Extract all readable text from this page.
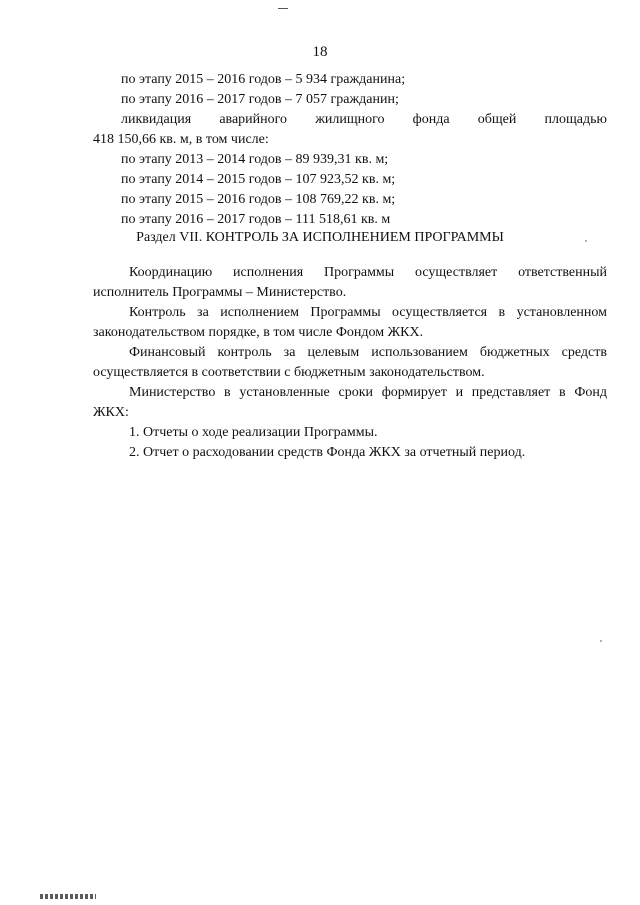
18
по этапу 2015 – 2016 годов – 5 934 гражданина;
по этапу 2016 – 2017 годов – 7 057 гражданин;
ликвидация аварийного жилищного фонда общей площадью
418 150,66 кв. м, в том числе:
по этапу 2013 – 2014 годов – 89 939,31 кв. м;
по этапу 2014 – 2015 годов – 107 923,52 кв. м;
по этапу 2015 – 2016 годов – 108 769,22 кв. м;
по этапу 2016 – 2017 годов – 111 518,61 кв. м
Раздел VII. КОНТРОЛЬ ЗА ИСПОЛНЕНИЕМ ПРОГРАММЫ
Координацию исполнения Программы осуществляет ответственный
исполнитель Программы – Министерство.
Контроль за исполнением Программы осуществляется в установленном
законодательством порядке, в том числе Фондом ЖКХ.
Финансовый контроль за целевым использованием бюджетных средств
осуществляется в соответствии с бюджетным законодательством.
Министерство в установленные сроки формирует и представляет в Фонд
ЖКХ:
1. Отчеты о ходе реализации Программы.
2. Отчет о расходовании средств Фонда ЖКХ за отчетный период.
